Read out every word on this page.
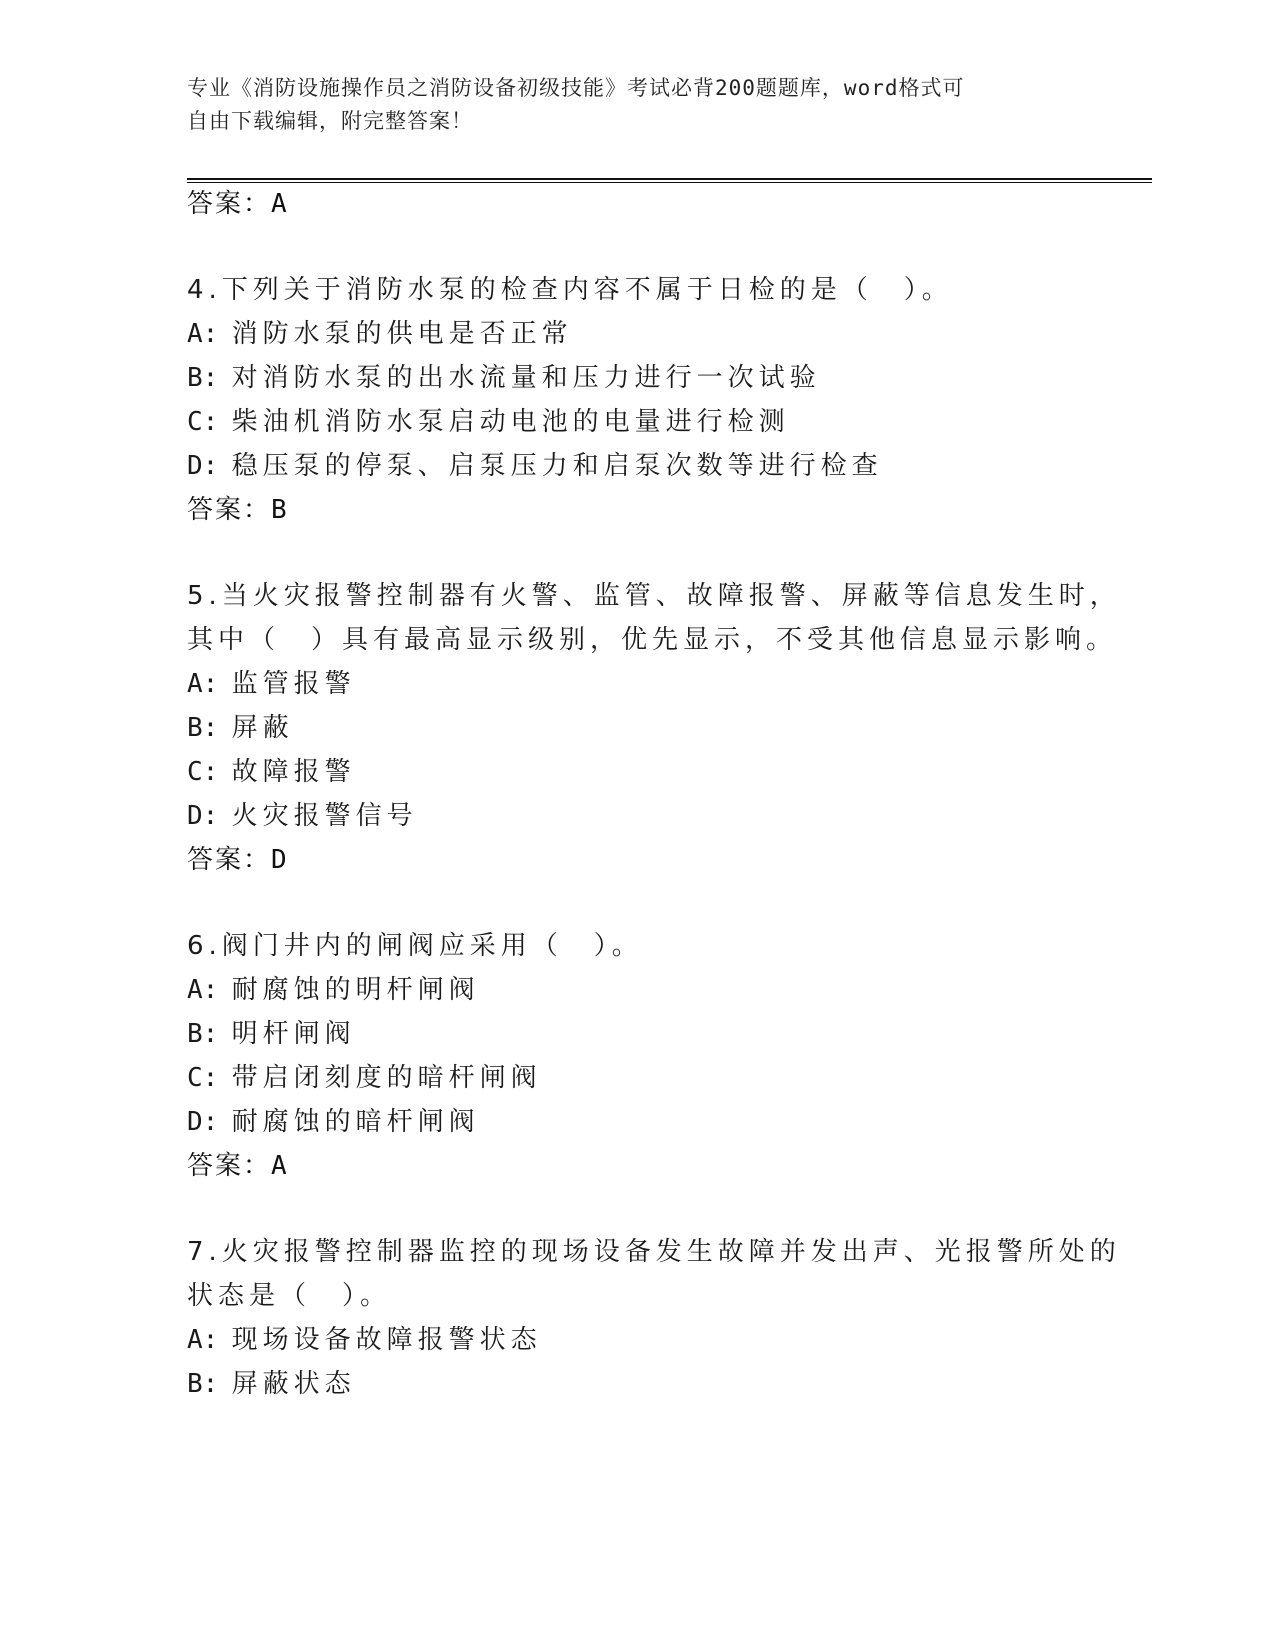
专业《消防设施操作员之消防设备初级技能》考试必背200题题库，word格式可
自由下载编辑，附完整答案！
答案：A
4.下列关于消防水泵的检查内容不属于日检的是（　）。
A: 消防水泵的供电是否正常
B: 对消防水泵的出水流量和压力进行一次试验
C: 柴油机消防水泵启动电池的电量进行检测
D: 稳压泵的停泵、启泵压力和启泵次数等进行检查
答案：B
5.当火灾报警控制器有火警、监管、故障报警、屏蔽等信息发生时，
其中（　）具有最高显示级别，优先显示，不受其他信息显示影响。
A: 监管报警
B: 屏蔽
C: 故障报警
D: 火灾报警信号
答案：D
6.阀门井内的闸阀应采用（　）。
A: 耐腐蚀的明杆闸阀
B: 明杆闸阀
C: 带启闭刻度的暗杆闸阀
D: 耐腐蚀的暗杆闸阀
答案：A
7.火灾报警控制器监控的现场设备发生故障并发出声、光报警所处的
状态是（　）。
A: 现场设备故障报警状态
B: 屏蔽状态
